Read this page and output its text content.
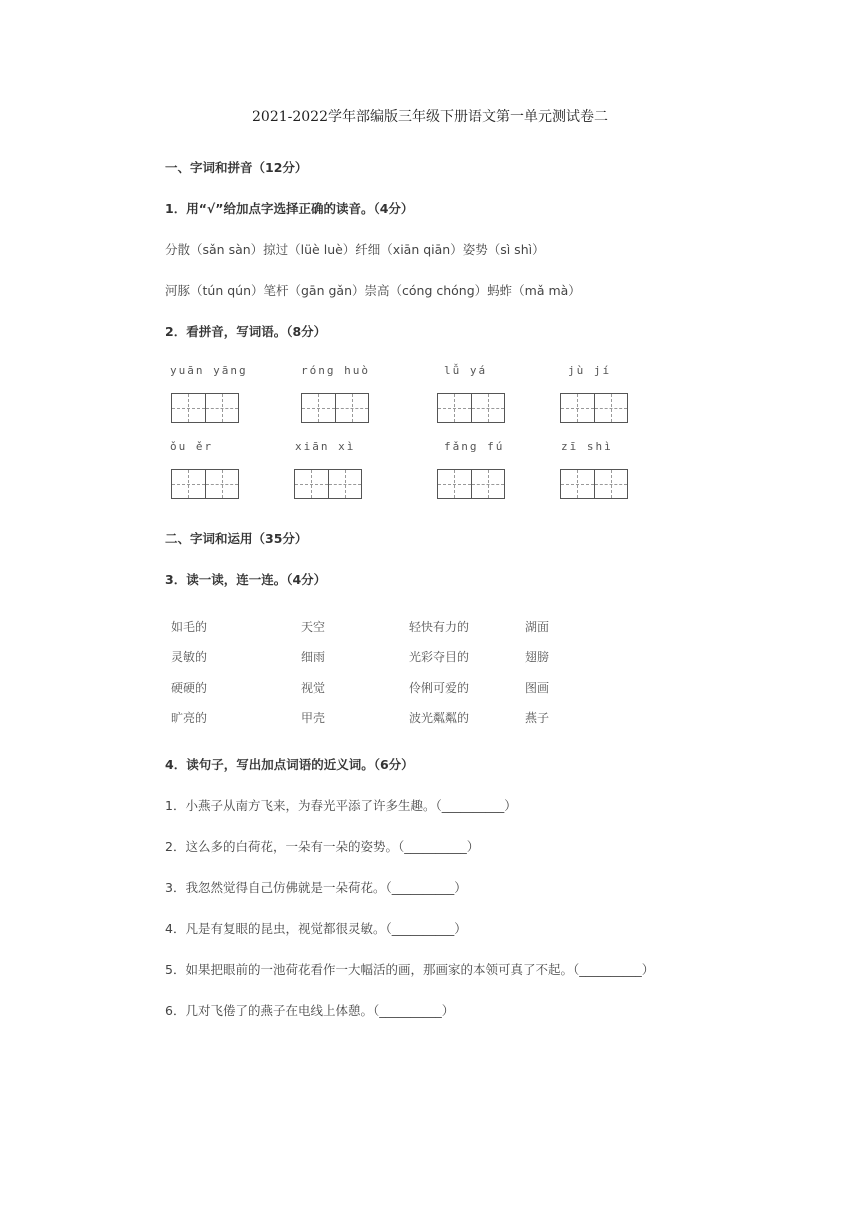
2021-2022学年部编版三年级下册语文第一单元测试卷二
一、字词和拼音（12分）
1．用“√”给加点字选择正确的读音。（4分）
分散（sǎn sàn）掠过（lüè luè）纤细（xiān qiān）姿势（sì shì）
河豚（tún qún）笔杆（gān gǎn）崇高（cóng chóng）蚂蚱（mǎ mà）
2．看拼音，写词语。（8分）
yuān yāng	róng huò	lǚ yá	jù jí
ǒu ěr	xiān xì	fǎng fú	zī shì
二、字词和运用（35分）
3．读一读，连一连。（4分）
如毛的	天空	轻快有力的	湖面
灵敏的	细雨	光彩夺目的	翅膀
硬硬的	视觉	伶俐可爱的	图画
旷亮的	甲壳	波光粼粼的	燕子
4．读句子，写出加点词语的近义词。（6分）
1．小燕子从南方飞来，为春光平添了许多生趣。（__________）
2．这么多的白荷花，一朵有一朵的姿势。（__________）
3．我忽然觉得自己仿佛就是一朵荷花。（__________）
4．凡是有复眼的昆虫，视觉都很灵敏。（__________）
5．如果把眼前的一池荷花看作一大幅活的画，那画家的本领可真了不起。（__________）
6．几对飞倦了的燕子在电线上体憩。（__________）
